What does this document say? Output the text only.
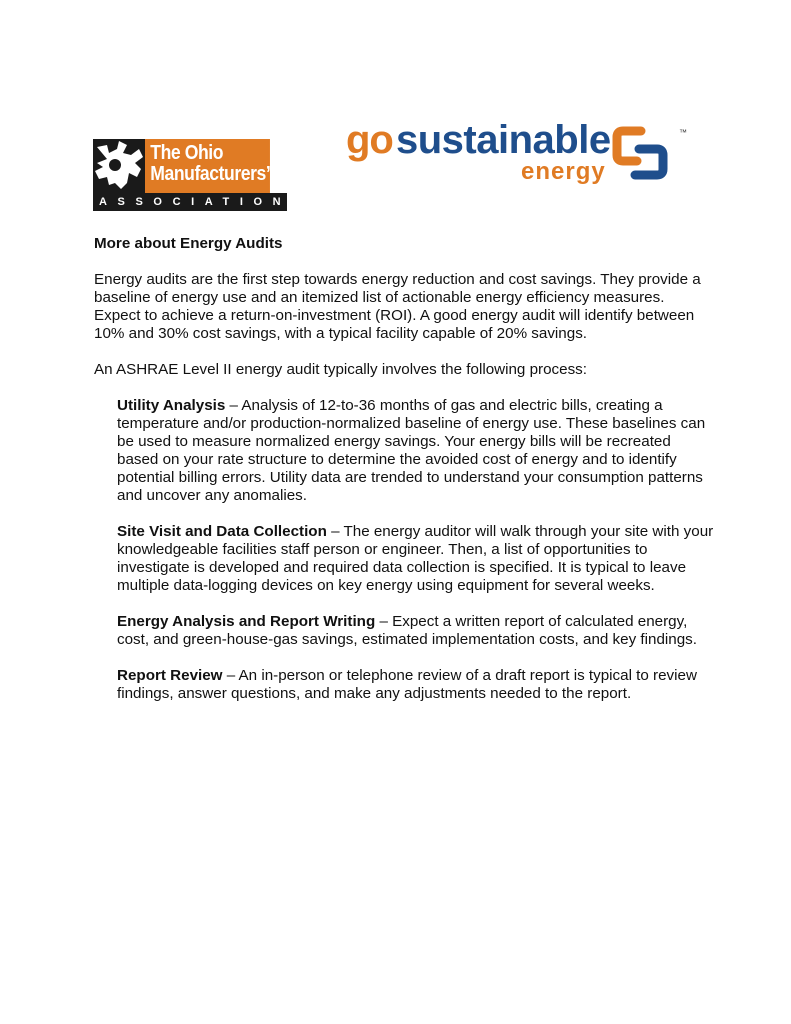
The Ohio
Manufacturers’
ASSOCIATION
go sustainable
energy
™
More about Energy Audits

Energy audits are the first step towards energy reduction and cost savings. They provide a baseline of energy use and an itemized list of actionable energy efficiency measures. Expect to achieve a return-on-investment (ROI). A good energy audit will identify between 10% and 30% cost savings, with a typical facility capable of 20% savings.

An ASHRAE Level II energy audit typically involves the following process:

Utility Analysis – Analysis of 12-to-36 months of gas and electric bills, creating a temperature and/or production-normalized baseline of energy use. These baselines can be used to measure normalized energy savings. Your energy bills will be recreated based on your rate structure to determine the avoided cost of energy and to identify potential billing errors. Utility data are trended to understand your consumption patterns and uncover any anomalies.

Site Visit and Data Collection – The energy auditor will walk through your site with your knowledgeable facilities staff person or engineer. Then, a list of opportunities to investigate is developed and required data collection is specified. It is typical to leave multiple data-logging devices on key energy using equipment for several weeks.

Energy Analysis and Report Writing – Expect a written report of calculated energy, cost, and green-house-gas savings, estimated implementation costs, and key findings.

Report Review – An in-person or telephone review of a draft report is typical to review findings, answer questions, and make any adjustments needed to the report.
